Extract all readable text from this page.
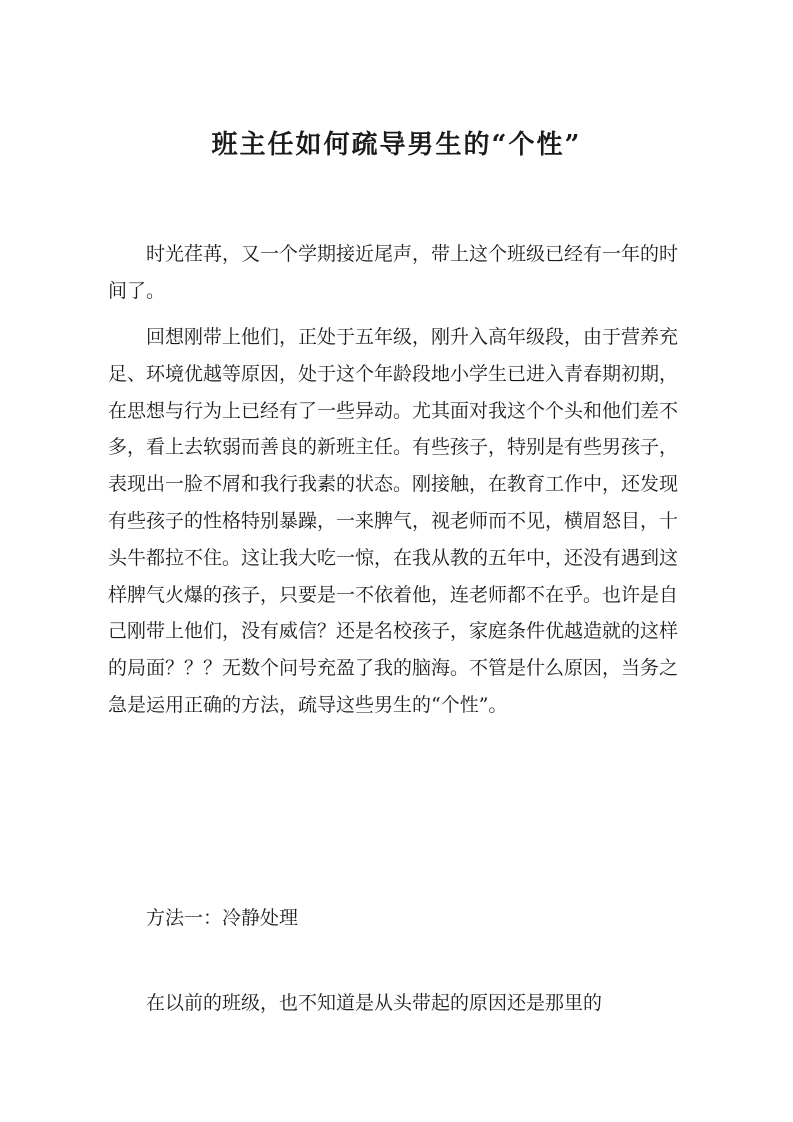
班主任如何疏导男生的“个性”

时光荏苒，又一个学期接近尾声，带上这个班级已经有一年的时间了。

回想刚带上他们，正处于五年级，刚升入高年级段，由于营养充足、环境优越等原因，处于这个年龄段地小学生已进入青春期初期，在思想与行为上已经有了一些异动。尤其面对我这个个头和他们差不多，看上去软弱而善良的新班主任。有些孩子，特别是有些男孩子，表现出一脸不屑和我行我素的状态。刚接触，在教育工作中，还发现有些孩子的性格特别暴躁，一来脾气，视老师而不见，横眉怒目，十头牛都拉不住。这让我大吃一惊，在我从教的五年中，还没有遇到这样脾气火爆的孩子，只要是一不依着他，连老师都不在乎。也许是自己刚带上他们，没有威信？还是名校孩子，家庭条件优越造就的这样的局面？？？无数个问号充盈了我的脑海。不管是什么原因，当务之急是运用正确的方法，疏导这些男生的“个性”。

方法一：冷静处理

在以前的班级，也不知道是从头带起的原因还是那里的
